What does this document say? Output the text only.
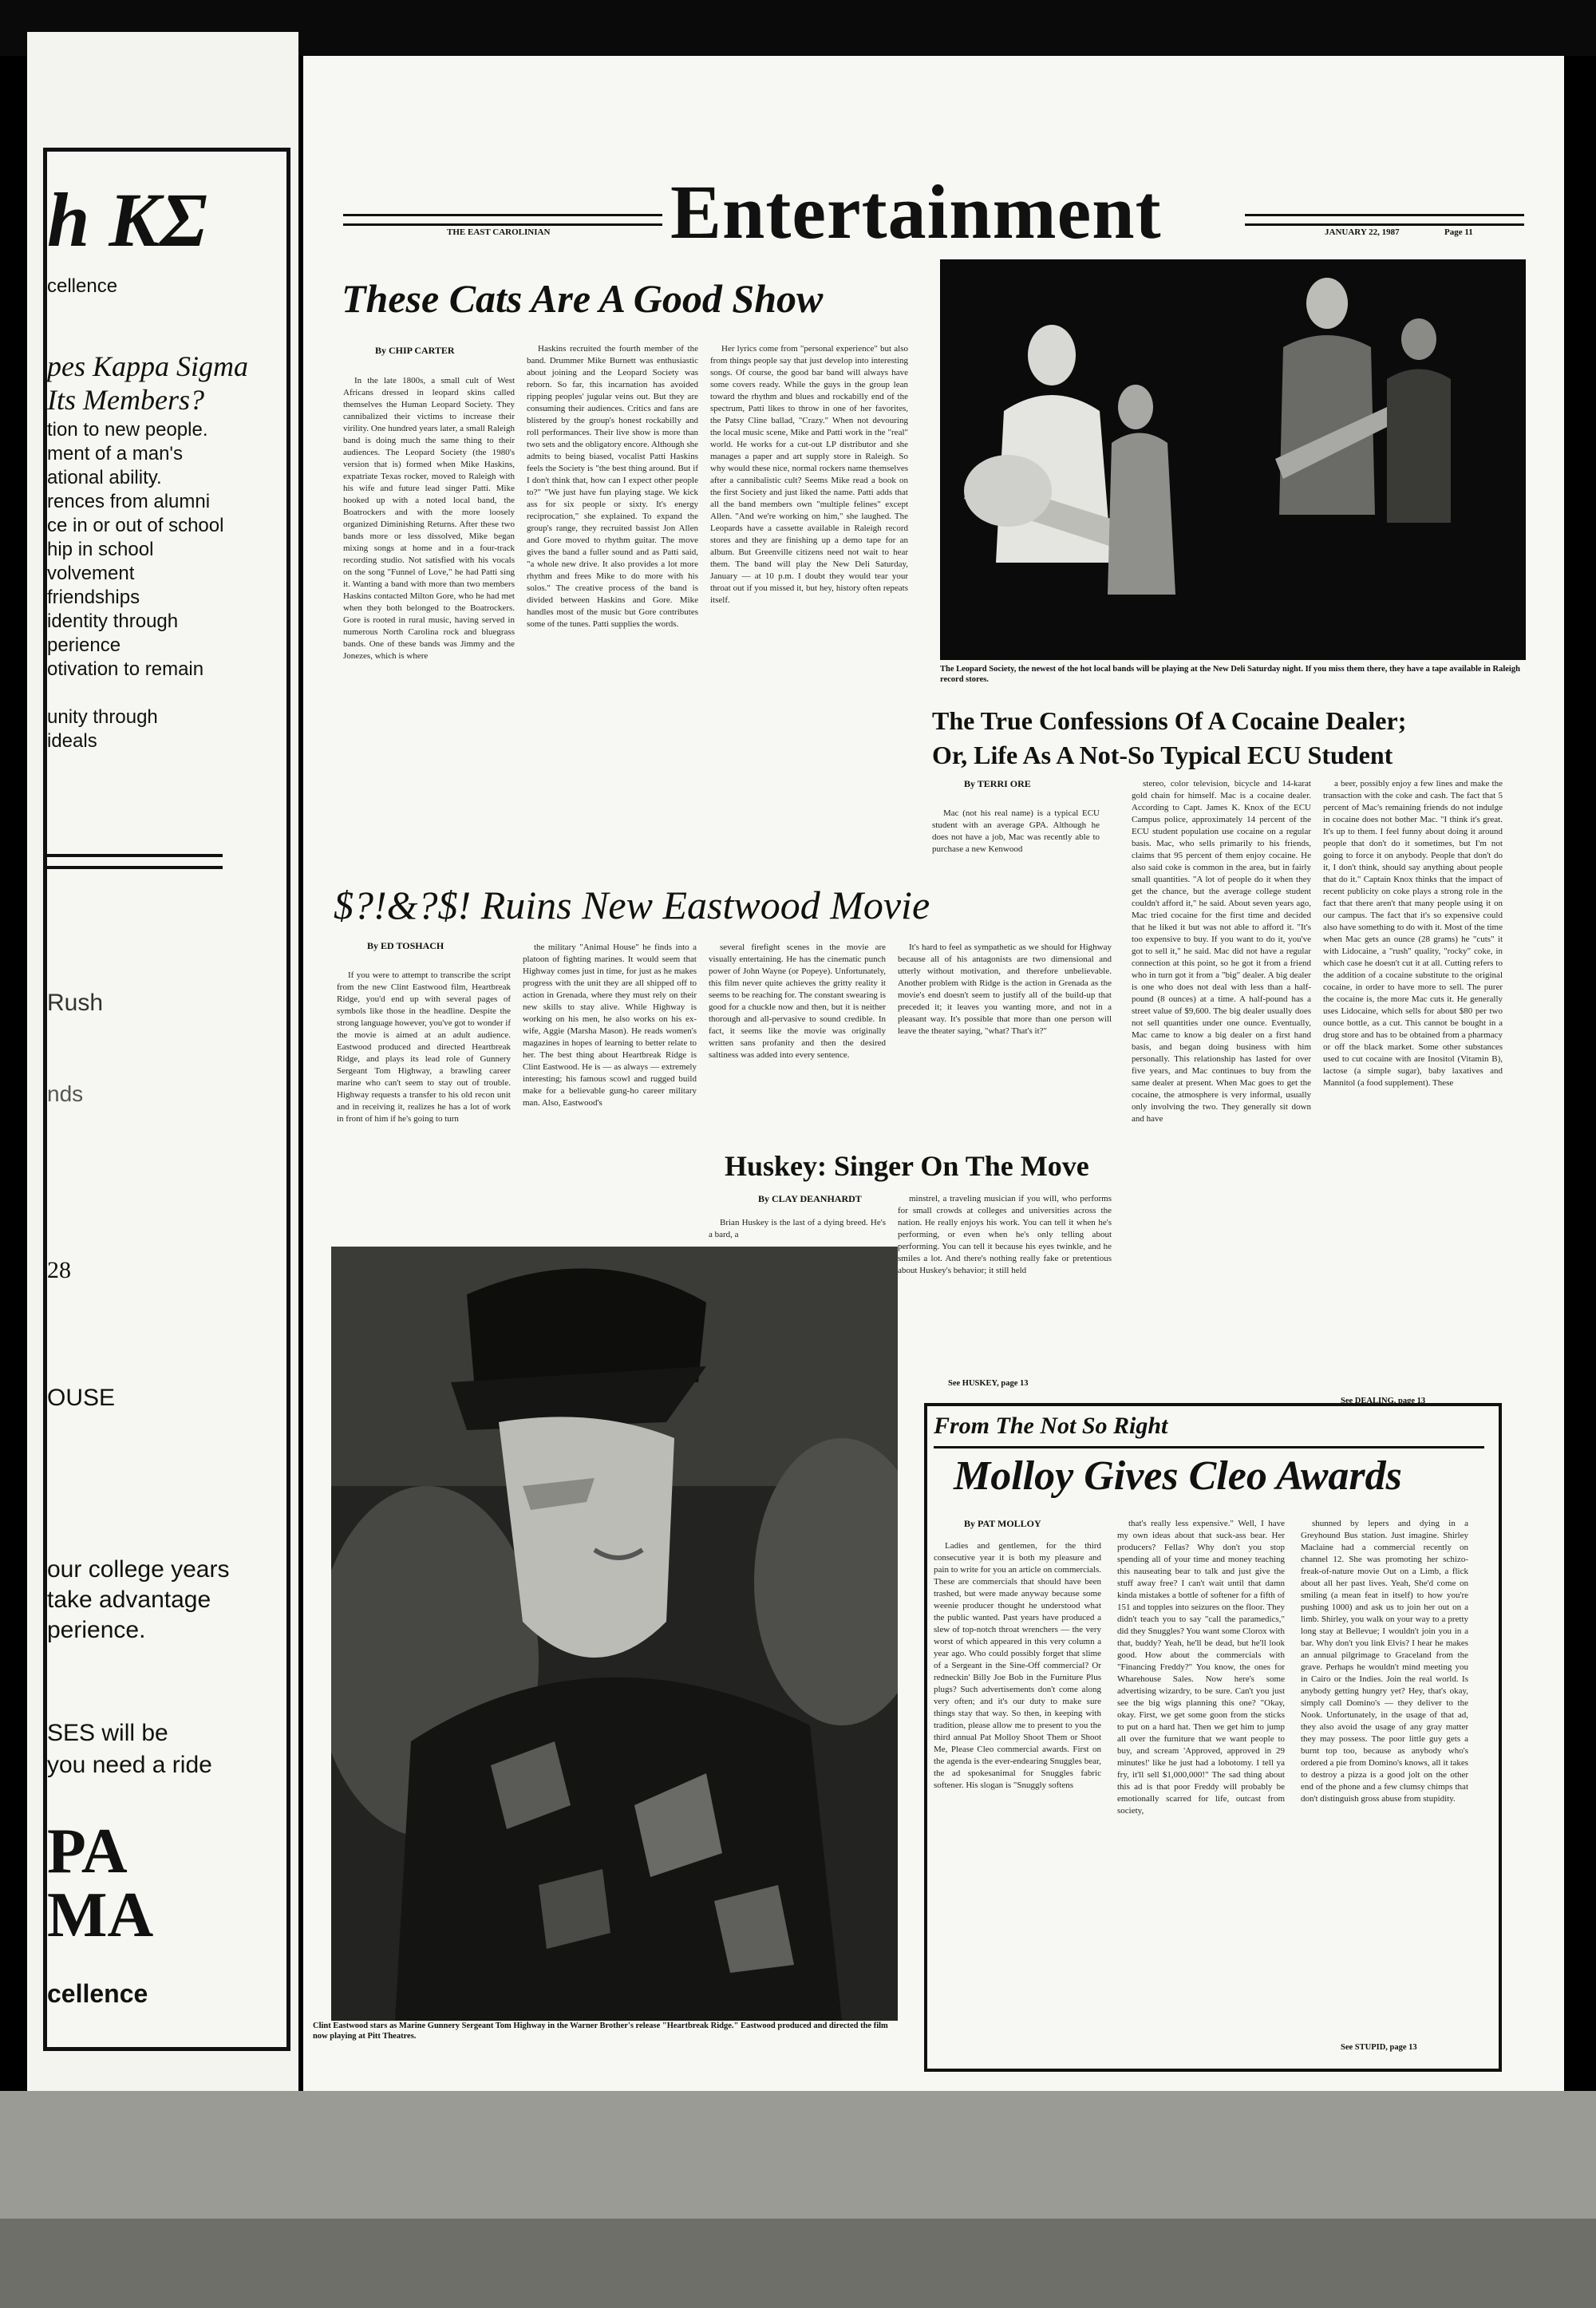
h ΚΣ
cellence
pes Kappa Sigma
Its Members?
tion to new people.
ment of a man's
ational ability.
rences from alumni
ce in or out of school
hip in school
volvement
friendships
identity through
perience
otivation to remain
unity through
ideals
Rush
nds
28
OUSE
our college years
take advantage
perience.
SES will be
you need a ride
PA
MA
cellence
THE EAST CAROLINIAN Entertainment	JANUARY 22, 1987	Page 11
These Cats Are A Good Show
By CHIP CARTER

In the late 1800s, a small cult of West Africans dressed in leopard skins called themselves the Human Leopard Society. They cannibalized their victims to increase their virility. One hundred years later, a small Raleigh band is doing much the same thing to their audiences. The Leopard Society (the 1980's version that is) formed when Mike Haskins, expatriate Texas rocker, moved to Raleigh with his wife and future lead singer Patti. Mike hooked up with a noted local band, the Boatrockers and with the more loosely organized Diminishing Returns. After these two bands more or less dissolved, Mike began mixing songs at home and in a four-track recording studio. Not satisfied with his vocals on the song "Funnel of Love," he had Patti sing it. Wanting a band with more than two members Haskins contacted Milton Gore, who he had met when they both belonged to the Boatrockers. Gore is rooted in rural music, having served in numerous North Carolina rock and bluegrass bands. One of these bands was Jimmy and the Jonezes, which is where

Haskins recruited the fourth member of the band. Drummer Mike Burnett was enthusiastic about joining and the Leopard Society was reborn. So far, this incarnation has avoided ripping peoples' jugular veins out. But they are consuming their audiences. Critics and fans are blistered by the group's honest rockabilly and roll performances. Their live show is more than two sets and the obligatory encore. Although she admits to being biased, vocalist Patti Haskins feels the Society is "the best thing around. But if I don't think that, how can I expect other people to?" "We just have fun playing stage. We kick ass for six people or sixty. It's energy reciprocation," she explained. To expand the group's range, they recruited bassist Jon Allen and Gore moved to rhythm guitar. The move gives the band a fuller sound and as Patti said, "a whole new drive. It also provides a lot more rhythm and frees Mike to do more with his solos." The creative process of the band is divided between Haskins and Gore. Mike handles most of the music but Gore contributes some of the tunes. Patti supplies the words.

Her lyrics come from "personal experience" but also from things people say that just develop into interesting songs. Of course, the good bar band will always have some covers ready. While the guys in the group lean toward the rhythm and blues and rockabilly end of the spectrum, Patti likes to throw in one of her favorites, the Patsy Cline ballad, "Crazy." When not devouring the local music scene, Mike and Patti work in the "real" world. He works for a cut-out LP distributor and she manages a paper and art supply store in Raleigh. So why would these nice, normal rockers name themselves after a cannibalistic cult? Seems Mike read a book on the first Society and just liked the name. Patti adds that all the band members own "multiple felines" except Allen. "And we're working on him," she laughed. The Leopards have a cassette available in Raleigh record stores and they are finishing up a demo tape for an album. But Greenville citizens need not wait to hear them. The band will play the New Deli Saturday, January — at 10 p.m. I doubt they would tear your throat out if you missed it, but hey, history often repeats itself.

The Leopard Society, the newest of the hot local bands will be playing at the New Deli Saturday night. If you miss them there, they have a tape available in Raleigh record stores.
The True Confessions Of A Cocaine Dealer;
Or, Life As A Not-So Typical ECU Student
By TERRI ORE

Mac (not his real name) is a typical ECU student with an average GPA. Although he does not have a job, Mac was recently able to purchase a new Kenwood

stereo, color television, bicycle and 14-karat gold chain for himself. Mac is a cocaine dealer. According to Capt. James K. Knox of the ECU Campus police, approximately 14 percent of the ECU student population use cocaine on a regular basis. Mac, who sells primarily to his friends, claims that 95 percent of them enjoy cocaine. He also said coke is common in the area, but in fairly small quantities. "A lot of people do it when they get the chance, but the average college student couldn't afford it," he said. About seven years ago, Mac tried cocaine for the first time and decided that he liked it but was not able to afford it. "It's too expensive to buy. If you want to do it, you've got to sell it," he said. Mac did not have a regular connection at this point, so he got it from a friend who in turn got it from a "big" dealer. A big dealer is one who does not deal with less than a half-pound (8 ounces) at a time. A half-pound has a street value of $9,600. The big dealer usually does not sell quantities under one ounce. Eventually, Mac came to know a big dealer on a first hand basis, and began doing business with him personally. This relationship has lasted for over five years, and Mac continues to buy from the same dealer at present. When Mac goes to get the cocaine, the atmosphere is very informal, usually only involving the two. They generally sit down and have

a beer, possibly enjoy a few lines and make the transaction with the coke and cash. The fact that 5 percent of Mac's remaining friends do not indulge in cocaine does not bother Mac. "I think it's great. It's up to them. I feel funny about doing it around people that don't do it sometimes, but I'm not going to force it on anybody. People that don't do it, I don't think, should say anything about people that do it." Captain Knox thinks that the impact of recent publicity on coke plays a strong role in the fact that there aren't that many people using it on our campus. The fact that it's so expensive could also have something to do with it. Most of the time when Mac gets an ounce (28 grams) he "cuts" it with Lidocaine, a "rush" quality, "rocky" coke, in which case he doesn't cut it at all. Cutting refers to the addition of a cocaine substitute to the original cocaine, in order to have more to sell. The purer the cocaine is, the more Mac cuts it. He generally uses Lidocaine, which sells for about $80 per two ounce bottle, as a cut. This cannot be bought in a drug store and has to be obtained from a pharmacy or off the black market. Some other substances used to cut cocaine with are Inositol (Vitamin B), lactose (a simple sugar), baby laxatives and Mannitol (a food supplement). These

See DEALING, page 13
$?!&?$! Ruins New Eastwood Movie
By ED TOSHACH

If you were to attempt to transcribe the script from the new Clint Eastwood film, Heartbreak Ridge, you'd end up with several pages of symbols like those in the headline. Despite the strong language however, you've got to wonder if the movie is aimed at an adult audience. Eastwood produced and directed Heartbreak Ridge, and plays its lead role of Gunnery Sergeant Tom Highway, a brawling career marine who can't seem to stay out of trouble. Highway requests a transfer to his old recon unit and in receiving it, realizes he has a lot of work in front of him if he's going to turn

the military "Animal House" he finds into a platoon of fighting marines. It would seem that Highway comes just in time, for just as he makes progress with the unit they are all shipped off to action in Grenada, where they must rely on their new skills to stay alive. While Highway is working on his men, he also works on his ex-wife, Aggie (Marsha Mason). He reads women's magazines in hopes of learning to better relate to her. The best thing about Heartbreak Ridge is Clint Eastwood. He is — as always — extremely interesting; his famous scowl and rugged build make for a believable gung-ho career military man. Also, Eastwood's

several firefight scenes in the movie are visually entertaining. He has the cinematic punch power of John Wayne (or Popeye). Unfortunately, this film never quite achieves the gritty reality it seems to be reaching for. The constant swearing is good for a chuckle now and then, but it is neither thorough and all-pervasive to sound credible. In fact, it seems like the movie was originally written sans profanity and then the desired saltiness was added into every sentence.

It's hard to feel as sympathetic as we should for Highway because all of his antagonists are two dimensional and utterly without motivation, and therefore unbelievable. Another problem with Ridge is the action in Grenada as the movie's end doesn't seem to justify all of the build-up that preceded it; it leaves you wanting more, and not in a pleasant way. It's possible that more than one person will leave the theater saying, "what? That's it?"

Huskey: Singer On The Move
By CLAY DEANHARDT

Brian Huskey is the last of a dying breed. He's a bard, a

minstrel, a traveling musician if you will, who performs for small crowds at colleges and universities across the nation. He really enjoys his work. You can tell it when he's performing, or even when he's only telling about performing. You can tell it because his eyes twinkle, and he smiles a lot. And there's nothing really fake or pretentious about Huskey's behavior; it still held

See HUSKEY, page 13
Clint Eastwood stars as Marine Gunnery Sergeant Tom Highway in the Warner Brother's release "Heartbreak Ridge." Eastwood produced and directed the film now playing at Pitt Theatres.
From The Not So Right
Molloy Gives Cleo Awards
By PAT MOLLOY

Ladies and gentlemen, for the third consecutive year it is both my pleasure and pain to write for you an article on commercials. These are commercials that should have been trashed, but were made anyway because some weenie producer thought he understood what the public wanted. Past years have produced a slew of top-notch throat wrenchers — the very worst of which appeared in this very column a year ago. Who could possibly forget that slime of a Sergeant in the Sine-Off commercial? Or redneckin' Billy Joe Bob in the Furniture Plus plugs? Such advertisements don't come along very often; and it's our duty to make sure things stay that way. So then, in keeping with tradition, please allow me to present to you the third annual Pat Molloy Shoot Them or Shoot Me, Please Cleo commercial awards. First on the agenda is the ever-endearing Snuggles bear, the ad spokesanimal for Snuggles fabric softener. His slogan is "Snuggly softens

that's really less expensive." Well, I have my own ideas about that suck-ass bear. Her producers? Fellas? Why don't you stop spending all of your time and money teaching this nauseating bear to talk and just give the stuff away free? I can't wait until that damn kinda mistakes a bottle of softener for a fifth of 151 and topples into seizures on the floor. They didn't teach you to say "call the paramedics," did they Snuggles? You want some Clorox with that, buddy? Yeah, he'll be dead, but he'll look good. How about the commercials with "Financing Freddy?" You know, the ones for Wharehouse Sales. Now here's some advertising wizardry, to be sure. Can't you just see the big wigs planning this one? "Okay, okay. First, we get some goon from the sticks to put on a hard hat. Then we get him to jump all over the furniture that we want people to buy, and scream 'Approved, approved in 29 minutes!' like he just had a lobotomy. I tell ya fry, it'll sell $1,000,000!" The sad thing about this ad is that poor Freddy will probably be emotionally scarred for life, outcast from society,

shunned by lepers and dying in a Greyhound Bus station. Just imagine. Shirley Maclaine had a commercial recently on channel 12. She was promoting her schizo-freak-of-nature movie Out on a Limb, a flick about all her past lives. Yeah, She'd come on smiling (a mean feat in itself) to how you're pushing 1000) and ask us to join her out on a limb. Shirley, you walk on your way to a pretty long stay at Bellevue; I wouldn't join you in a bar. Why don't you link Elvis? I hear he makes an annual pilgrimage to Graceland from the grave. Perhaps he wouldn't mind meeting you in Cairo or the Indies. Join the real world. Is anybody getting hungry yet? Hey, that's okay, simply call Domino's — they deliver to the Nook. Unfortunately, in the usage of that ad, they also avoid the usage of any gray matter they may possess. The poor little guy gets a burnt top too, because as anybody who's ordered a pie from Domino's knows, all it takes to destroy a pizza is a good jolt on the other end of the phone and a few clumsy chimps that don't distinguish gross abuse from stupidity.

See STUPID, page 13
